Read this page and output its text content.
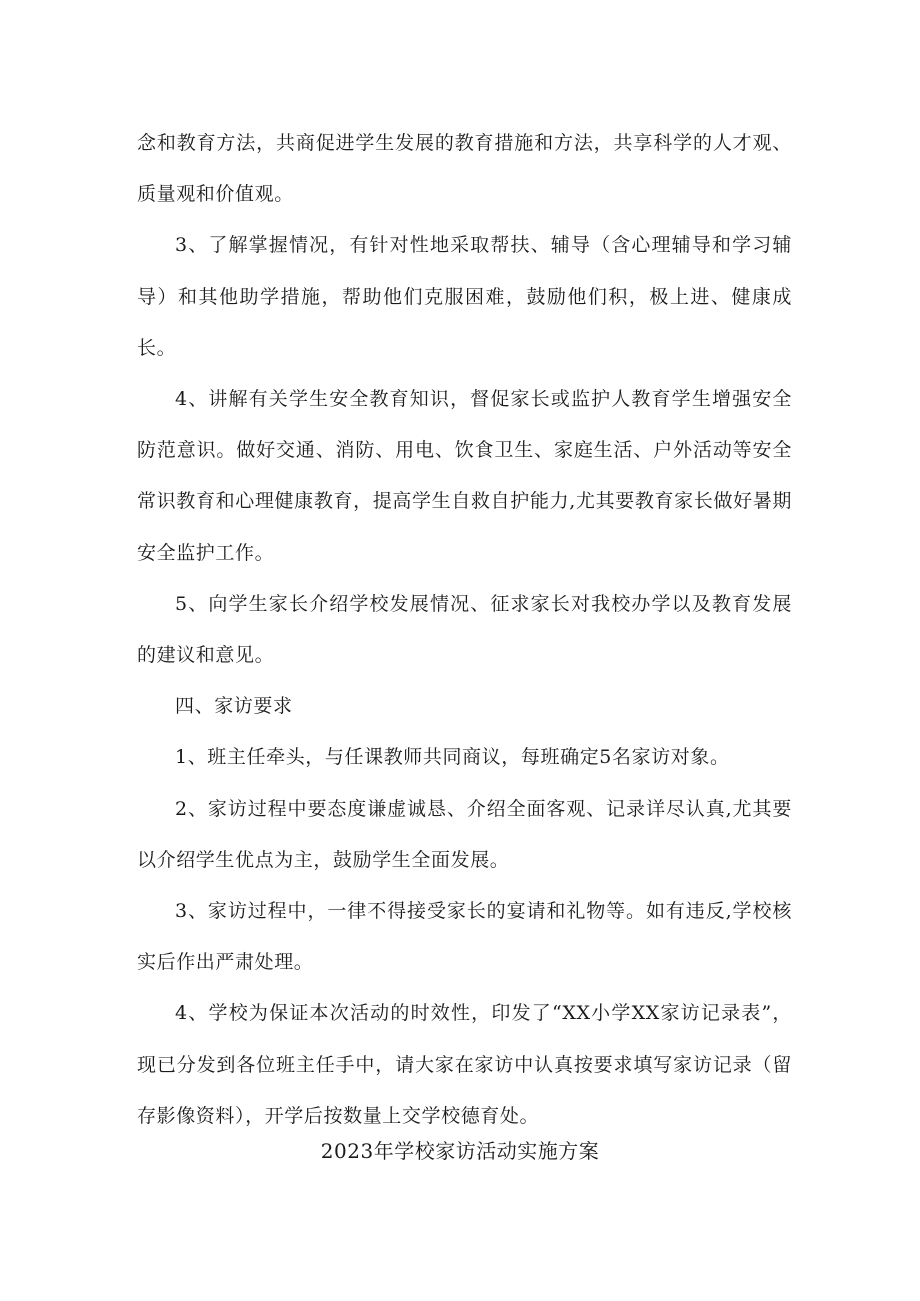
念和教育方法，共商促进学生发展的教育措施和方法，共享科学的人才观、质量观和价值观。

3、了解掌握情况，有针对性地采取帮扶、辅导（含心理辅导和学习辅导）和其他助学措施，帮助他们克服困难，鼓励他们积，极上进、健康成长。

4、讲解有关学生安全教育知识，督促家长或监护人教育学生增强安全防范意识。做好交通、消防、用电、饮食卫生、家庭生活、户外活动等安全常识教育和心理健康教育，提高学生自救自护能力,尤其要教育家长做好暑期安全监护工作。

5、向学生家长介绍学校发展情况、征求家长对我校办学以及教育发展的建议和意见。

四、家访要求

1、班主任牵头，与任课教师共同商议，每班确定5名家访对象。

2、家访过程中要态度谦虚诚恳、介绍全面客观、记录详尽认真,尤其要以介绍学生优点为主，鼓励学生全面发展。

3、家访过程中，一律不得接受家长的宴请和礼物等。如有违反,学校核实后作出严肃处理。

4、学校为保证本次活动的时效性，印发了“XX小学XX家访记录表”，现已分发到各位班主任手中，请大家在家访中认真按要求填写家访记录（留存影像资料），开学后按数量上交学校德育处。

2023年学校家访活动实施方案
